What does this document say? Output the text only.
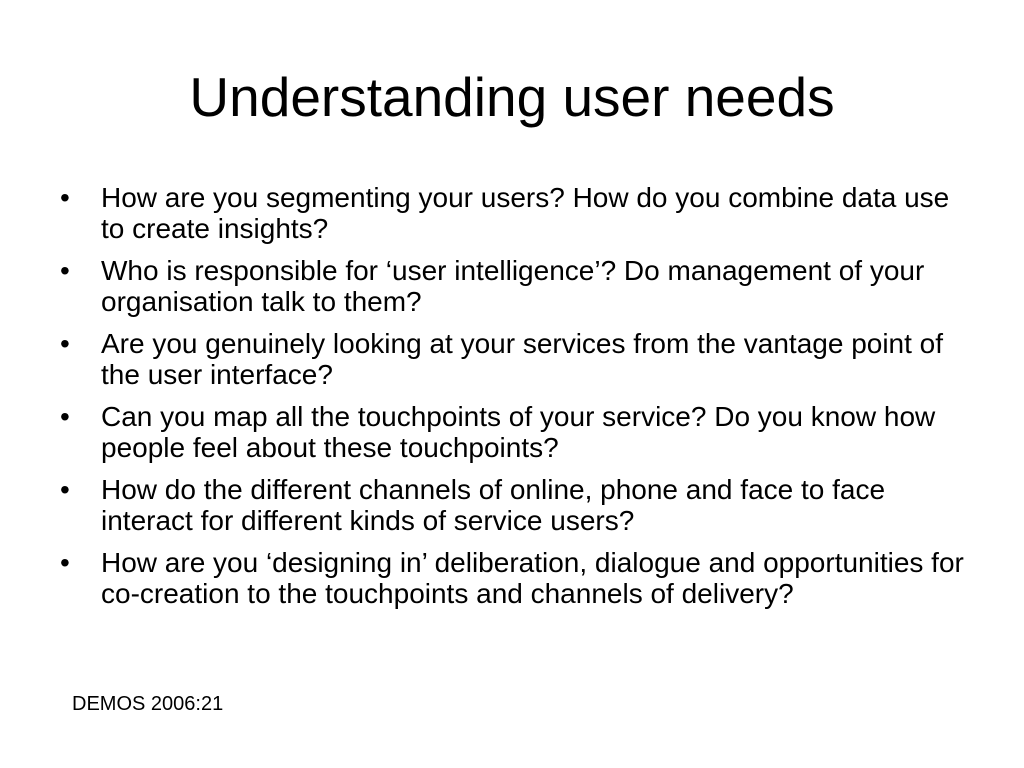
Understanding user needs
•	How are you segmenting your users? How do you combine data use to create insights?
•	Who is responsible for ‘user intelligence’? Do management of your organisation talk to them?
•	Are you genuinely looking at your services from the vantage point of the user interface?
•	Can you map all the touchpoints of your service? Do you know how people feel about these touchpoints?
•	How do the different channels of online, phone and face to face interact for different kinds of service users?
•	How are you ‘designing in’ deliberation, dialogue and opportunities for co-creation to the touchpoints and channels of delivery?

DEMOS 2006:21
